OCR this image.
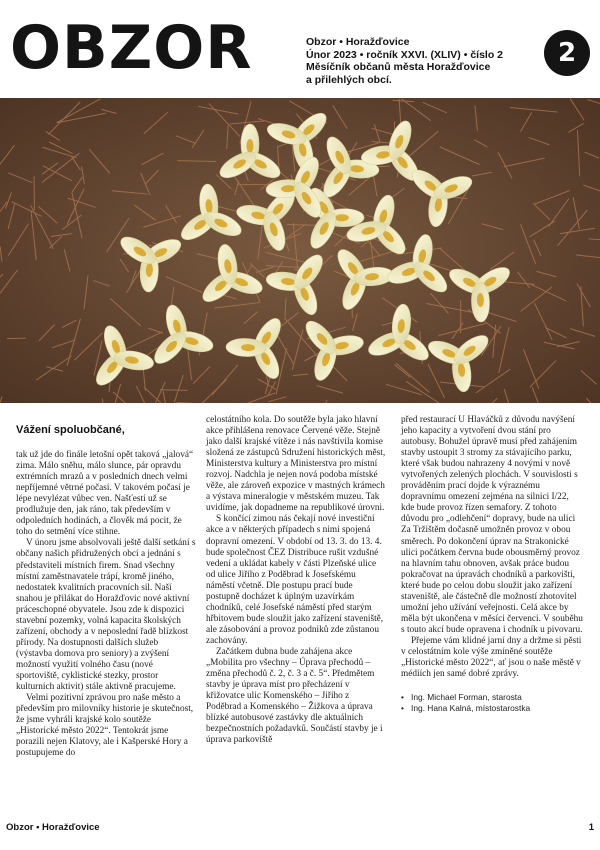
OBZOR	Obzor • Horažďovice
Únor 2023 • ročník XXVI. (XLIV) • číslo 2
Měsíčník občanů města Horažďovice
a přilehlých obcí.
2
Vážení spoluobčané,

tak už jde do finále letošní opět taková „jalová“ zima. Málo sněhu, málo slunce, pár opravdu extrémních mrazů a v posledních dnech velmi nepříjemné větrné počasí. V takovém počasí je lépe nevylézat vůbec ven. Našťestí už se prodlužuje den, jak ráno, tak především v odpoledních hodinách, a člověk má pocit, že toho do setmění více stihne.

V únoru jsme absolvovali ještě další setkání s občany našich přidružených obcí a jednání s představiteli místních firem. Snad všechny místní zaměstnavatele trápí, kromě jiného, nedostatek kvalitních pracovních sil. Naší snahou je přilákat do Horažďovic nové aktivní práceschopné obyvatele. Jsou zde k dispozici stavební pozemky, volná kapacita školských zařízení, obchody a v neposlední řadě blízkost přírody. Na dostupnosti dalších služeb (výstavba domova pro seniory) a zvýšení možností využití volného času (nové sportoviště, cyklistické stezky, prostor kulturních aktivit) stále aktivně pracujeme.

Velmi pozitivní zprávou pro naše město a především pro milovníky historie je skutečnost, že jsme vyhráli krajské kolo soutěže „Historické město 2022“. Tentokrát jsme porazili nejen Klatovy, ale i Kašperské Hory a postupujeme do

celostátního kola. Do soutěže byla jako hlavní akce přihlášena renovace Červené věže. Stejně jako další krajské vítěze i nás navštívila komise složená ze zástupců Sdružení historických měst, Ministerstva kultury a Ministerstva pro místní rozvoj. Nadchla je nejen nová podoba místské věže, ale zároveň expozice v mastných krámech a výstava mineralogie v městském muzeu. Tak uvidíme, jak dopadneme na republikové úrovni.

S končící zimou nás čekají nové investiční akce a v některých případech s nimi spojená dopravní omezení. V období od 13. 3. do 13. 4. bude společnost ČEZ Distribuce rušit vzdušné vedení a ukládat kabely v části Plzeňské ulice od ulice Jiřího z Poděbrad k Josefskému náměstí včetně. Dle postupu prací bude postupně docházet k úplným uzavírkám chodníků, celé Josefské náměstí před starým hřbitovem bude sloužit jako zařízení staveniště, ale zásobování a provoz podniků zde zůstanou zachovány.

Začátkem dubna bude zahájena akce „Mobilita pro všechny – Úprava přechodů – změna přechodů č. 2, č. 3 a č. 5“. Předmětem stavby je úprava míst pro přecházení v křižovatce ulic Komenského – Jiřího z Poděbrad a Komenského – Žižkova a úprava blízké autobusové zastávky dle aktuálních bezpečnostních požadavků. Součástí stavby je i úprava parkoviště

před restaurací U Hlaváčků z důvodu navýšení jeho kapacity a vytvoření dvou stání pro autobusy. Bohužel úpravě musí před zahájením stavby ustoupit 3 stromy za stávajícího parku, které však budou nahrazeny 4 novými v nově vytvořených zelených plochách. V souvislosti s prováděním prací dojde k výraznému dopravnímu omezení zejména na silnici I/22, kde bude provoz řízen semafory. Z tohoto důvodu pro „odlehčení“ dopravy, bude na ulici Za Tržištěm dočasně umožněn provoz v obou směrech. Po dokončení úprav na Strakonické ulici počátkem června bude obousměrný provoz na hlavním tahu obnoven, avšak práce budou pokračovat na úpravách chodníků a parkovišti, které bude po celou dobu sloužit jako zařízení staveniště, ale částečně dle možností zhotovitel umožní jeho užívání veřejnosti. Celá akce by měla být ukončena v měsíci červenci. V souběhu s touto akcí bude opravena i chodník u pivovaru.

Přejeme vám klidné jarní dny a držme si pěsti v celostátním kole výše zmíněné soutěže „Historické město 2022“, ať jsou o naše městě v médiích jen samé dobré zprávy.

• Ing. Michael Forman, starosta
• Ing. Hana Kalná, místostarostka
Obzor • Horažďovice	1
